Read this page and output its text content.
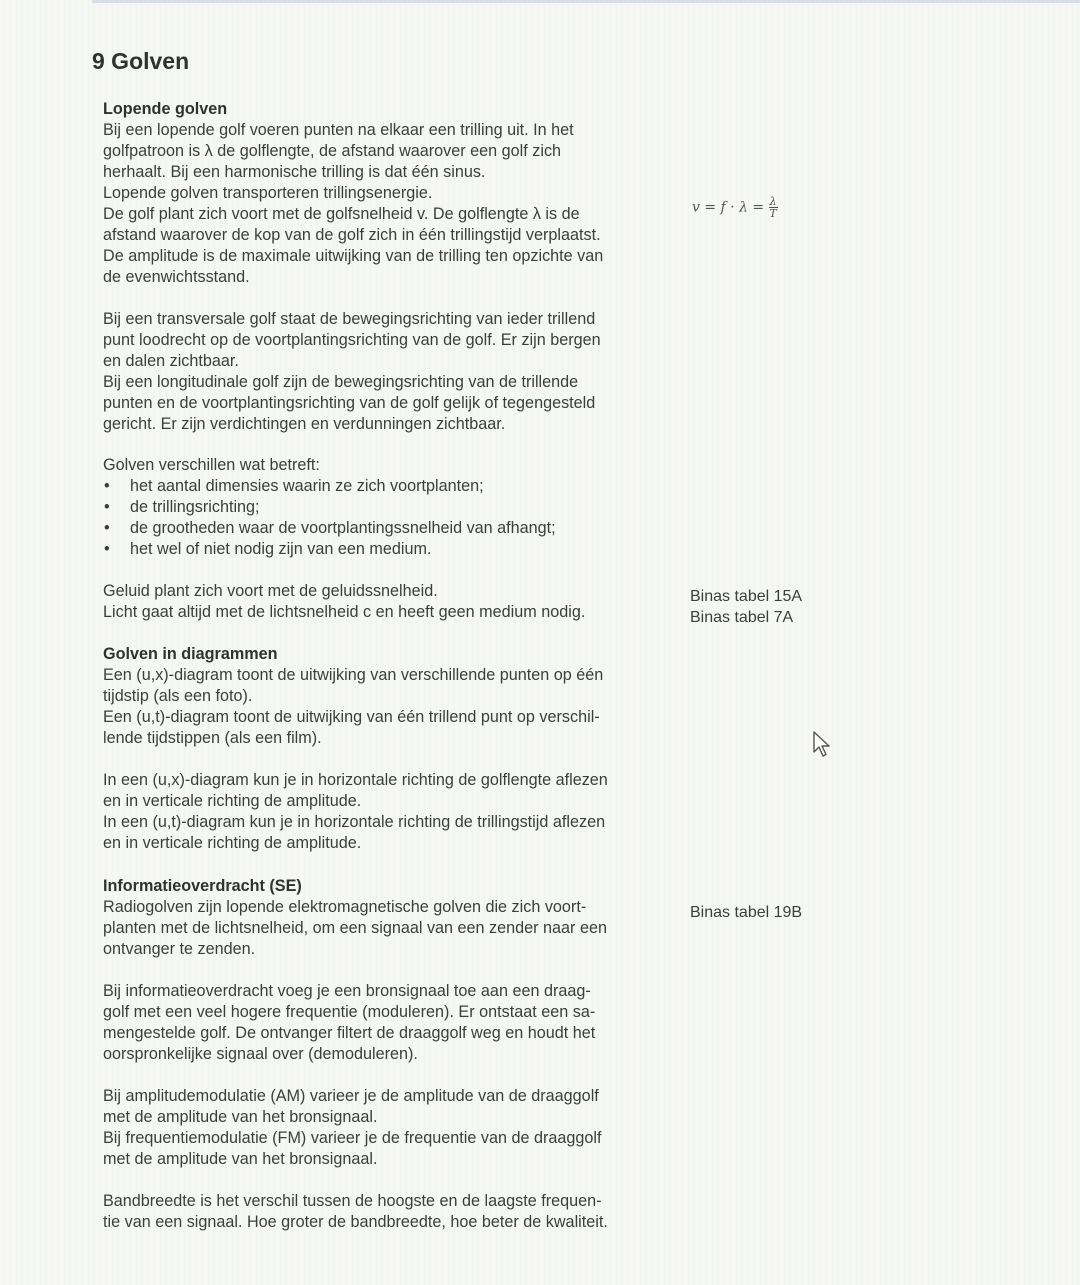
9 Golven

Lopende golven

Bij een lopende golf voeren punten na elkaar een trilling uit. In het

golfpatroon is λ de golflengte, de afstand waarover een golf zich

herhaalt. Bij een harmonische trilling is dat één sinus.

Lopende golven transporteren trillingsenergie.

De golf plant zich voort met de golfsnelheid v. De golflengte λ is de

afstand waarover de kop van de golf zich in één trillingstijd verplaatst.

De amplitude is de maximale uitwijking van de trilling ten opzichte van

de evenwichtsstand.

Bij een transversale golf staat de bewegingsrichting van ieder trillend

punt loodrecht op de voortplantingsrichting van de golf. Er zijn bergen

en dalen zichtbaar.

Bij een longitudinale golf zijn de bewegingsrichting van de trillende

punten en de voortplantingsrichting van de golf gelijk of tegengesteld

gericht. Er zijn verdichtingen en verdunningen zichtbaar.

Golven verschillen wat betreft:

• het aantal dimensies waarin ze zich voortplanten;
• de trillingsrichting;
• de grootheden waar de voortplantingssnelheid van afhangt;
• het wel of niet nodig zijn van een medium.

Geluid plant zich voort met de geluidssnelheid.

Licht gaat altijd met de lichtsnelheid c en heeft geen medium nodig.

Golven in diagrammen

Een (u,x)-diagram toont de uitwijking van verschillende punten op één

tijdstip (als een foto).

Een (u,t)-diagram toont de uitwijking van één trillend punt op verschil-

lende tijdstippen (als een film).

In een (u,x)-diagram kun je in horizontale richting de golflengte aflezen

en in verticale richting de amplitude.

In een (u,t)-diagram kun je in horizontale richting de trillingstijd aflezen

en in verticale richting de amplitude.

Informatieoverdracht (SE)

Radiogolven zijn lopende elektromagnetische golven die zich voort-

planten met de lichtsnelheid, om een signaal van een zender naar een

ontvanger te zenden.

Bij informatieoverdracht voeg je een bronsignaal toe aan een draag-

golf met een veel hogere frequentie (moduleren). Er ontstaat een sa-

mengestelde golf. De ontvanger filtert de draaggolf weg en houdt het

oorspronkelijke signaal over (demoduleren).

Bij amplitudemodulatie (AM) varieer je de amplitude van de draaggolf

met de amplitude van het bronsignaal.

Bij frequentiemodulatie (FM) varieer je de frequentie van de draaggolf

met de amplitude van het bronsignaal.

Bandbreedte is het verschil tussen de hoogste en de laagste frequen-

tie van een signaal. Hoe groter de bandbreedte, hoe beter de kwaliteit.

$v = f \cdot \lambda = \frac{\lambda}{T}$
Binas tabel 15A
Binas tabel 7A
Binas tabel 19B
